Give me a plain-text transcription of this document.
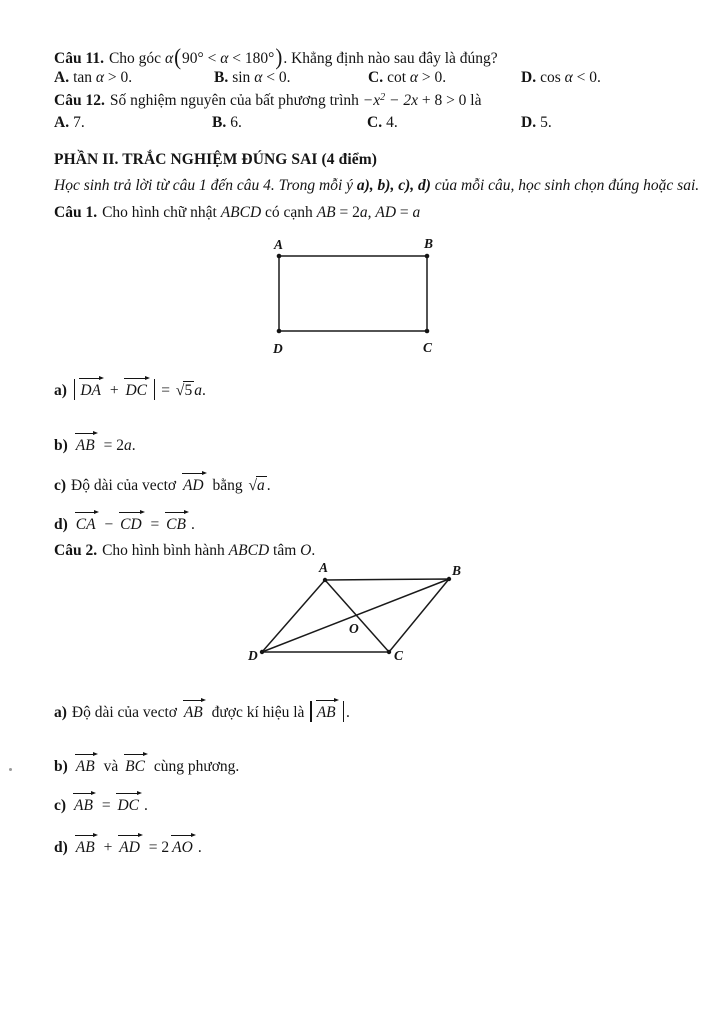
Câu 11. Cho góc α(90° < α < 180°). Khẳng định nào sau đây là đúng?
A. tan α > 0.	B. sin α < 0.	C. cot α > 0.	D. cos α < 0.
Câu 12. Số nghiệm nguyên của bất phương trình $-x^2 - 2x + 8 > 0$ là
A. 7.	B. 6.	C. 4.	D. 5.
PHẦN II. TRẮC NGHIỆM ĐÚNG SAI (4 điểm)
Học sinh trả lời từ câu 1 đến câu 4. Trong mỗi ý a), b), c), d) của mỗi câu, học sinh chọn đúng hoặc sai.
Câu 1. Cho hình chữ nhật ABCD có cạnh AB = 2a, AD = a
A	B
C
D
a) DA + DC = √5 a.
b) AB = 2a.
c) Độ dài của vectơ AD bằng √a .
d) CA − CD = CB .
Câu 2. Cho hình bình hành ABCD tâm O.
A	B
C
D
O
a) Độ dài của vectơ AB được kí hiệu là AB .
b) AB và BC cùng phương.
c) AB = DC .
d) AB + AD = 2 AO .
